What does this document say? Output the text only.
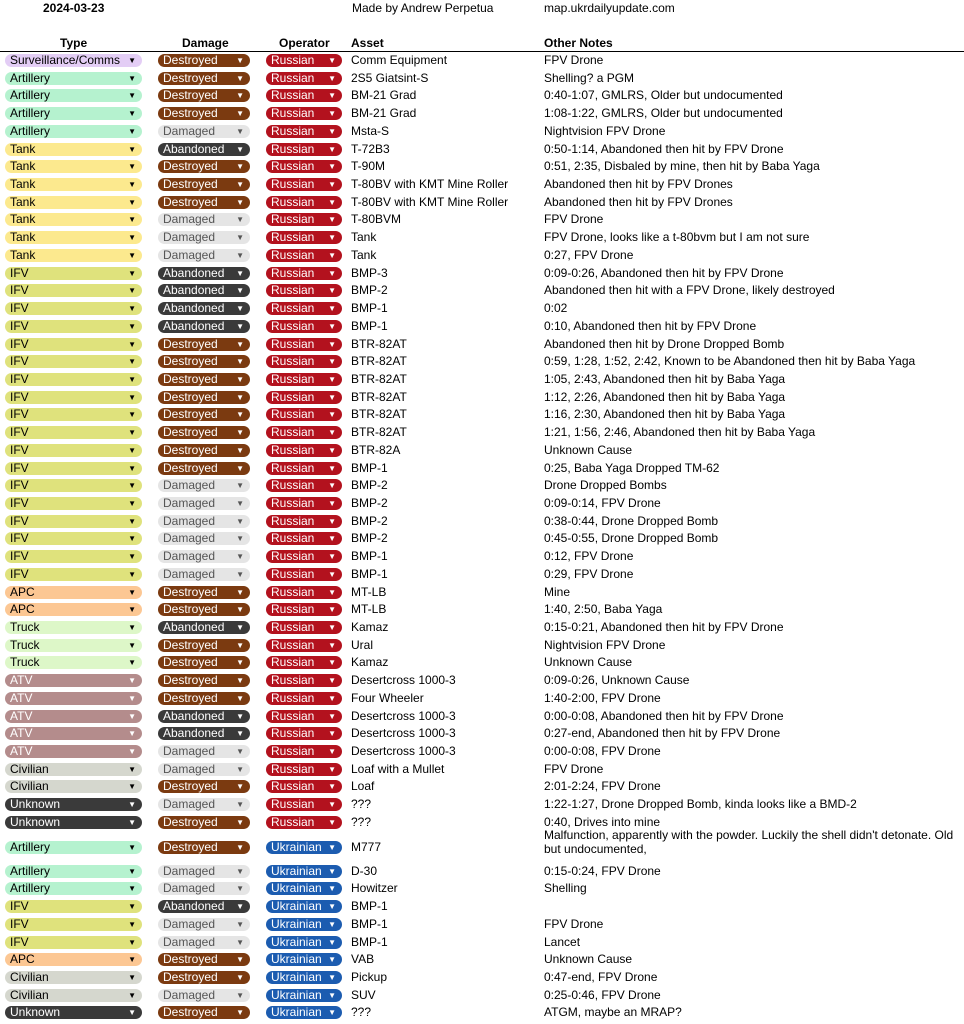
2024-03-23	Made by Andrew Perpetua	map.ukrdailyupdate.com
Type	Damage	Operator Asset	Other Notes
Surveillance/Comms ▼	Destroyed ▼	Russian ▼ Comm Equipment	FPV Drone
Artillery	▼	Destroyed ▼	Russian ▼ 2S5 Giatsint-S	Shelling? a PGM
Artillery	▼	Destroyed ▼	Russian ▼ BM-21 Grad	0:40-1:07, GMLRS, Older but undocumented
Artillery	▼	Destroyed ▼	Russian ▼ BM-21 Grad	1:08-1:22, GMLRS, Older but undocumented
Artillery	▼	Damaged	▼	Russian ▼ Msta-S	Nightvision FPV Drone
Tank	▼	Abandoned ▼	Russian ▼ T-72B3	0:50-1:14, Abandoned then hit by FPV Drone
Tank	▼	Destroyed ▼	Russian ▼ T-90M	0:51, 2:35, Disbaled by mine, then hit by Baba Yaga
Tank	▼	Destroyed ▼	Russian ▼ T-80BV with KMT Mine Roller	Abandoned then hit by FPV Drones
Tank	▼	Destroyed ▼	Russian ▼ T-80BV with KMT Mine Roller	Abandoned then hit by FPV Drones
Tank	▼	Damaged	▼	Russian ▼ T-80BVM	FPV Drone
Tank	▼	Damaged	▼	Russian ▼ Tank	FPV Drone, looks like a t-80bvm but I am not sure
Tank	▼	Damaged	▼	Russian ▼ Tank	0:27, FPV Drone
IFV	▼	Abandoned ▼	Russian ▼ BMP-3	0:09-0:26, Abandoned then hit by FPV Drone
IFV	▼	Abandoned ▼	Russian ▼ BMP-2	Abandoned then hit with a FPV Drone, likely destroyed
IFV	▼	Abandoned ▼	Russian ▼ BMP-1	0:02
IFV	▼	Abandoned ▼	Russian ▼ BMP-1	0:10, Abandoned then hit by FPV Drone
IFV	▼	Destroyed ▼	Russian ▼ BTR-82AT	Abandoned then hit by Drone Dropped Bomb
IFV	▼	Destroyed ▼	Russian ▼ BTR-82AT	0:59, 1:28, 1:52, 2:42, Known to be Abandoned then hit by Baba Yaga
IFV	▼	Destroyed ▼	Russian ▼ BTR-82AT	1:05, 2:43, Abandoned then hit by Baba Yaga
IFV	▼	Destroyed ▼	Russian ▼ BTR-82AT	1:12, 2:26, Abandoned then hit by Baba Yaga
IFV	▼	Destroyed ▼	Russian ▼ BTR-82AT	1:16, 2:30, Abandoned then hit by Baba Yaga
IFV	▼	Destroyed ▼	Russian ▼ BTR-82AT	1:21, 1:56, 2:46, Abandoned then hit by Baba Yaga
IFV	▼	Destroyed ▼	Russian ▼ BTR-82A	Unknown Cause
IFV	▼	Destroyed ▼	Russian ▼ BMP-1	0:25, Baba Yaga Dropped TM-62
IFV	▼	Damaged	▼	Russian ▼ BMP-2	Drone Dropped Bombs
IFV	▼	Damaged	▼	Russian ▼ BMP-2	0:09-0:14, FPV Drone
IFV	▼	Damaged	▼	Russian ▼ BMP-2	0:38-0:44, Drone Dropped Bomb
IFV	▼	Damaged	▼	Russian ▼ BMP-2	0:45-0:55, Drone Dropped Bomb
IFV	▼	Damaged	▼	Russian ▼ BMP-1	0:12, FPV Drone
IFV	▼	Damaged	▼	Russian ▼ BMP-1	0:29, FPV Drone
APC	▼	Destroyed ▼	Russian ▼ MT-LB	Mine
APC	▼	Destroyed ▼	Russian ▼ MT-LB	1:40, 2:50, Baba Yaga
Truck	▼	Abandoned ▼	Russian ▼ Kamaz	0:15-0:21, Abandoned then hit by FPV Drone
Truck	▼	Destroyed ▼	Russian ▼ Ural	Nightvision FPV Drone
Truck	▼	Destroyed ▼	Russian ▼ Kamaz	Unknown Cause
ATV	▼	Destroyed ▼	Russian ▼ Desertcross 1000-3	0:09-0:26, Unknown Cause
ATV	▼	Destroyed ▼	Russian ▼ Four Wheeler	1:40-2:00, FPV Drone
ATV	▼	Abandoned ▼	Russian ▼ Desertcross 1000-3	0:00-0:08, Abandoned then hit by FPV Drone
ATV	▼	Abandoned ▼	Russian ▼ Desertcross 1000-3	0:27-end, Abandoned then hit by FPV Drone
ATV	▼	Damaged	▼	Russian ▼ Desertcross 1000-3	0:00-0:08, FPV Drone
Civilian	▼	Damaged	▼	Russian ▼ Loaf with a Mullet	FPV Drone
Civilian	▼	Destroyed ▼	Russian ▼ Loaf	2:01-2:24, FPV Drone
Unknown	▼	Damaged	▼	Russian ▼ ???	1:22-1:27, Drone Dropped Bomb, kinda looks like a BMD-2
Unknown	▼	Destroyed ▼	Russian ▼ ???	0:40, Drives into mine
Artillery	▼	Destroyed ▼	Ukrainian ▼ M777
Malfunction, apparently with the powder. Luckily the shell didn't detonate. Old but undocumented,
Artillery	▼	Damaged	▼	Ukrainian ▼ D-30	0:15-0:24, FPV Drone
Artillery	▼	Damaged	▼	Ukrainian ▼ Howitzer	Shelling
IFV	▼	Abandoned ▼	Ukrainian ▼ BMP-1
IFV	▼	Damaged	▼	Ukrainian ▼ BMP-1	FPV Drone
IFV	▼	Damaged	▼	Ukrainian ▼ BMP-1	Lancet
APC	▼	Destroyed ▼	Ukrainian ▼ VAB	Unknown Cause
Civilian	▼	Destroyed ▼	Ukrainian ▼ Pickup	0:47-end, FPV Drone
Civilian	▼	Damaged	▼	Ukrainian ▼ SUV	0:25-0:46, FPV Drone
Unknown	▼	Destroyed ▼	Ukrainian ▼ ???	ATGM, maybe an MRAP?
